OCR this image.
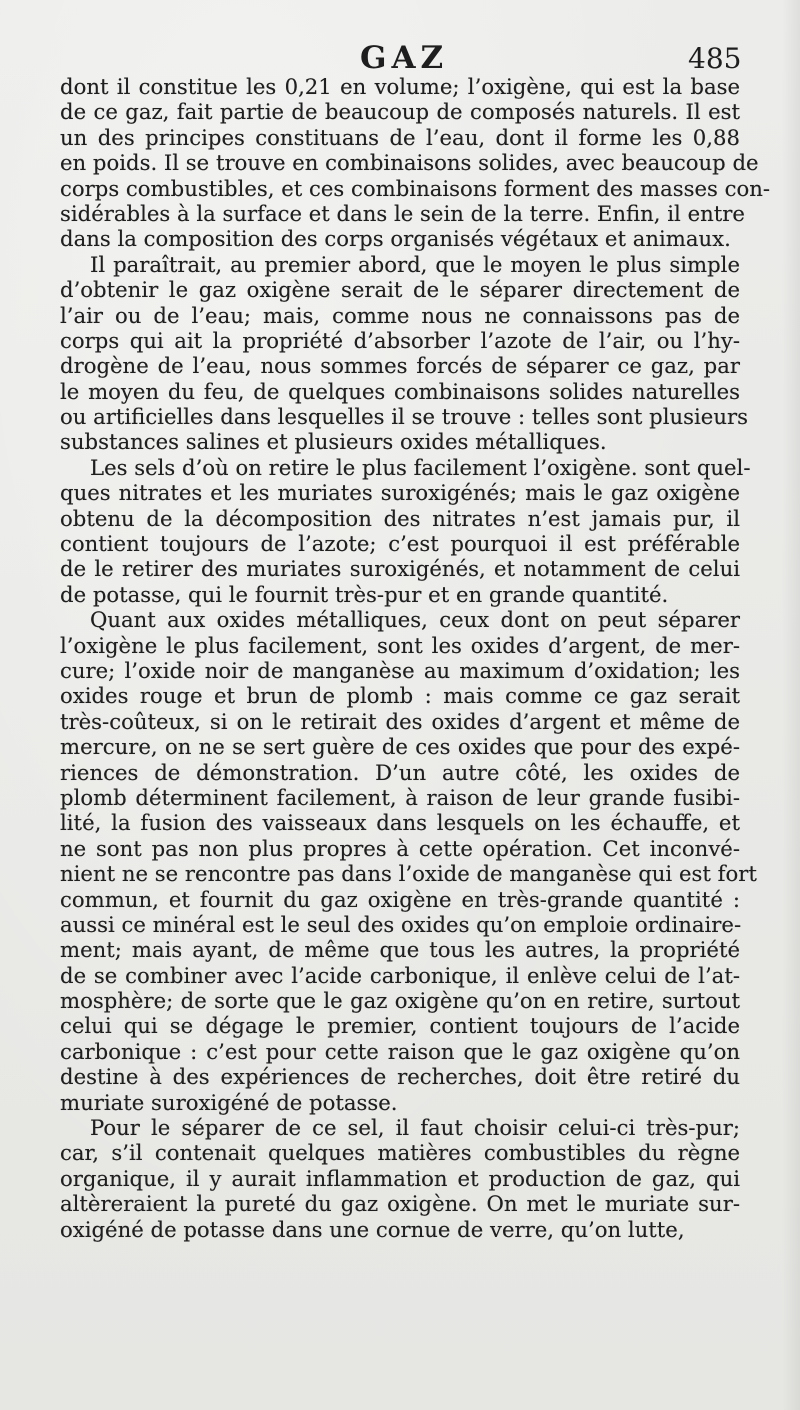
GAZ	485
dont il constitue les 0,21 en volume; l’oxigène, qui est la base
de ce gaz, fait partie de beaucoup de composés naturels. Il est
un des principes constituans de l’eau, dont il forme les 0,88
en poids. Il se trouve en combinaisons solides, avec beaucoup de
corps combustibles, et ces combinaisons forment des masses con-
sidérables à la surface et dans le sein de la terre. Enfin, il entre
dans la composition des corps organisés végétaux et animaux.
Il paraîtrait, au premier abord, que le moyen le plus simple
d’obtenir le gaz oxigène serait de le séparer directement de
l’air ou de l’eau; mais, comme nous ne connaissons pas de
corps qui ait la propriété d’absorber l’azote de l’air, ou l’hy-
drogène de l’eau, nous sommes forcés de séparer ce gaz, par
le moyen du feu, de quelques combinaisons solides naturelles
ou artificielles dans lesquelles il se trouve : telles sont plusieurs
substances salines et plusieurs oxides métalliques.
Les sels d’où on retire le plus facilement l’oxigène. sont quel-
ques nitrates et les muriates suroxigénés; mais le gaz oxigène
obtenu de la décomposition des nitrates n’est jamais pur, il
contient toujours de l’azote; c’est pourquoi il est préférable
de le retirer des muriates suroxigénés, et notamment de celui
de potasse, qui le fournit très-pur et en grande quantité.
Quant aux oxides métalliques, ceux dont on peut séparer
l’oxigène le plus facilement, sont les oxides d’argent, de mer-
cure; l’oxide noir de manganèse au maximum d’oxidation; les
oxides rouge et brun de plomb : mais comme ce gaz serait
très-coûteux, si on le retirait des oxides d’argent et même de
mercure, on ne se sert guère de ces oxides que pour des expé-
riences de démonstration. D’un autre côté, les oxides de
plomb déterminent facilement, à raison de leur grande fusibi-
lité, la fusion des vaisseaux dans lesquels on les échauffe, et
ne sont pas non plus propres à cette opération. Cet inconvé-
nient ne se rencontre pas dans l’oxide de manganèse qui est fort
commun, et fournit du gaz oxigène en très-grande quantité :
aussi ce minéral est le seul des oxides qu’on emploie ordinaire-
ment; mais ayant, de même que tous les autres, la propriété
de se combiner avec l’acide carbonique, il enlève celui de l’at-
mosphère; de sorte que le gaz oxigène qu’on en retire, surtout
celui qui se dégage le premier, contient toujours de l’acide
carbonique : c’est pour cette raison que le gaz oxigène qu’on
destine à des expériences de recherches, doit être retiré du
muriate suroxigéné de potasse.
Pour le séparer de ce sel, il faut choisir celui-ci très-pur;
car, s’il contenait quelques matières combustibles du règne
organique, il y aurait inflammation et production de gaz, qui
altèreraient la pureté du gaz oxigène. On met le muriate sur-
oxigéné de potasse dans une cornue de verre, qu’on lutte,
